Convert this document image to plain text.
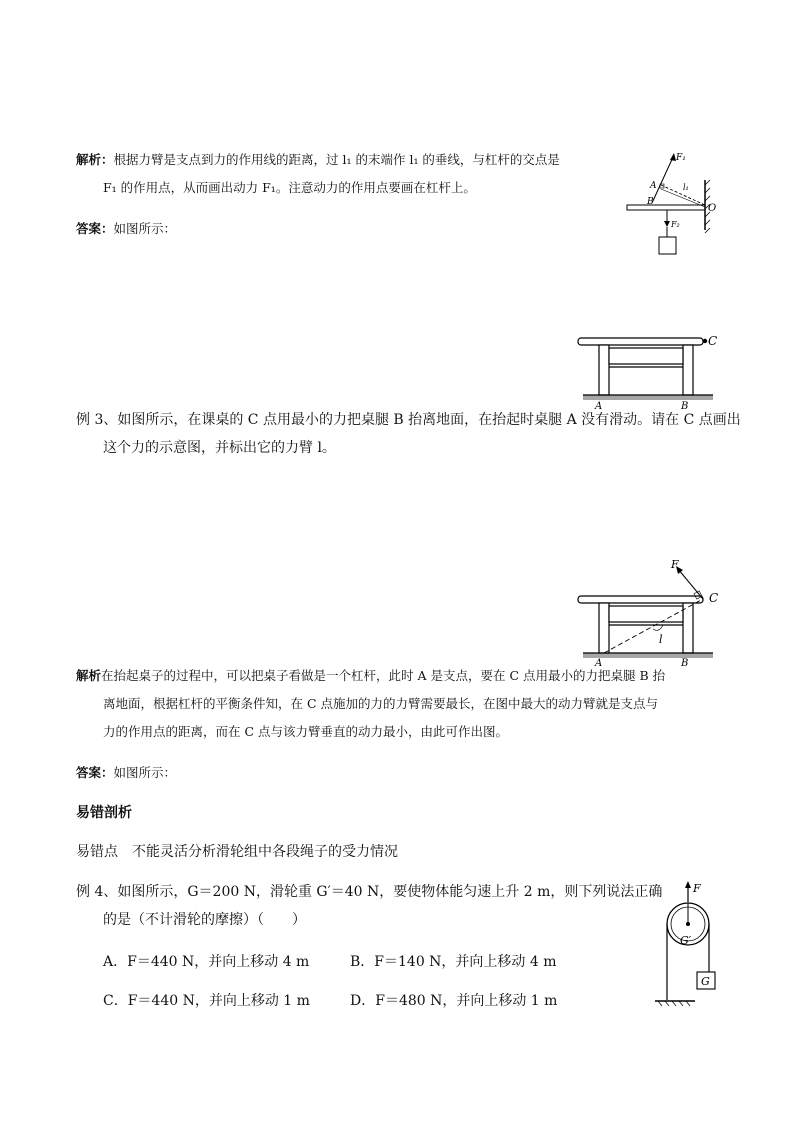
解析：根据力臂是支点到力的作用线的距离，过 l₁ 的末端作 l₁ 的垂线，与杠杆的交点是
F₁ 的作用点，从而画出动力 F₁。注意动力的作用点要画在杠杆上。
答案：如图所示：
F₁
A	l₁
B
O
F₂
C
A	B
例 3、如图所示，在课桌的 C 点用最小的力把桌腿 B 抬离地面，在抬起时桌腿 A 没有滑动。请在 C 点画出
这个力的示意图，并标出它的力臂 l。
F
C
l
A	B
解析在抬起桌子的过程中，可以把桌子看做是一个杠杆，此时 A 是支点，要在 C 点用最小的力把桌腿 B 抬
离地面，根据杠杆的平衡条件知，在 C 点施加的力的力臂需要最长，在图中最大的动力臂就是支点与
力的作用点的距离，而在 C 点与该力臂垂直的动力最小，由此可作出图。
答案：如图所示：
易错剖析
易错点　不能灵活分析滑轮组中各段绳子的受力情况
例 4、如图所示，G＝200 N，滑轮重 G′＝40 N，要使物体能匀速上升 2 m，则下列说法正确
的是（不计滑轮的摩擦）（　　）
A．F＝440 N，并向上移动 4 m	B．F＝140 N，并向上移动 4 m
C．F＝440 N，并向上移动 1 m	D．F＝480 N，并向上移动 1 m
F
G′
G
